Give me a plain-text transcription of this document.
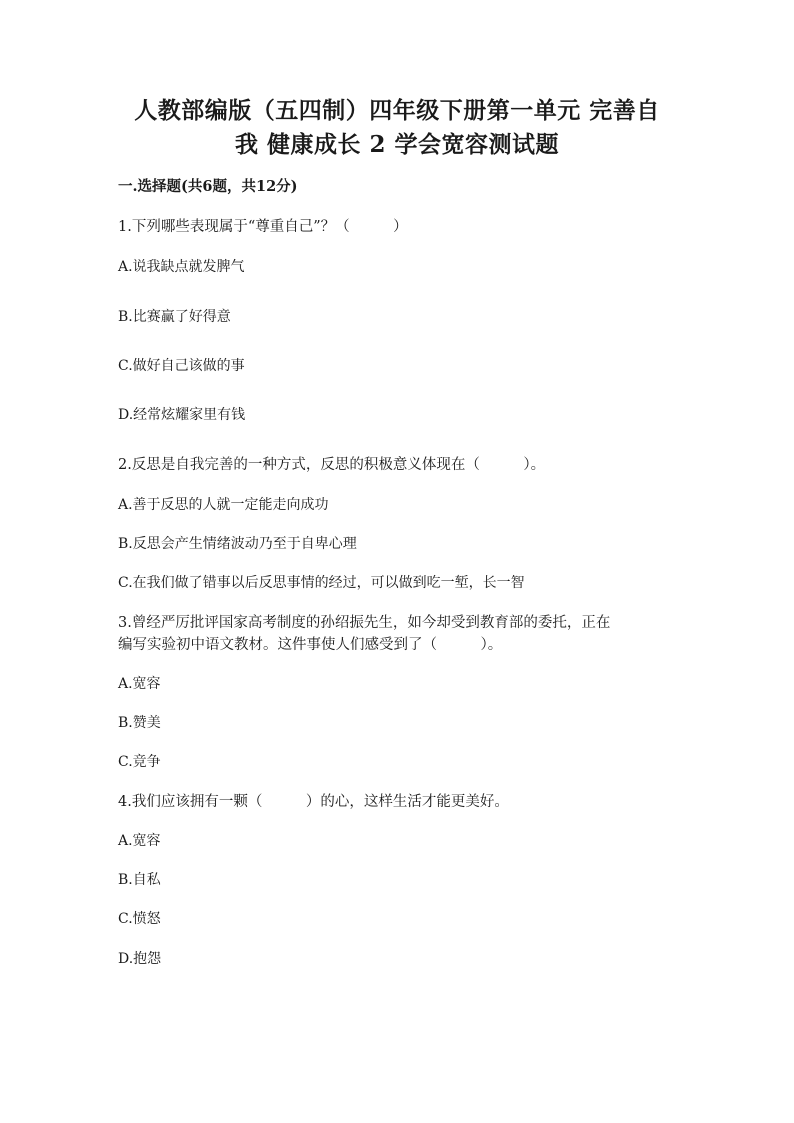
人教部编版（五四制）四年级下册第一单元 完善自
我 健康成长 2 学会宽容测试题
一.选择题(共6题，共12分)
1.下列哪些表现属于“尊重自己”？（　　　）
A.说我缺点就发脾气
B.比赛赢了好得意
C.做好自己该做的事
D.经常炫耀家里有钱
2.反思是自我完善的一种方式，反思的积极意义体现在（　　　）。
A.善于反思的人就一定能走向成功
B.反思会产生情绪波动乃至于自卑心理
C.在我们做了错事以后反思事情的经过，可以做到吃一堑，长一智
3.曾经严厉批评国家高考制度的孙绍振先生，如今却受到教育部的委托，正在
编写实验初中语文教材。这件事使人们感受到了（　　　）。
A.宽容
B.赞美
C.竞争
4.我们应该拥有一颗（　　　）的心，这样生活才能更美好。
A.宽容
B.自私
C.愤怒
D.抱怨
